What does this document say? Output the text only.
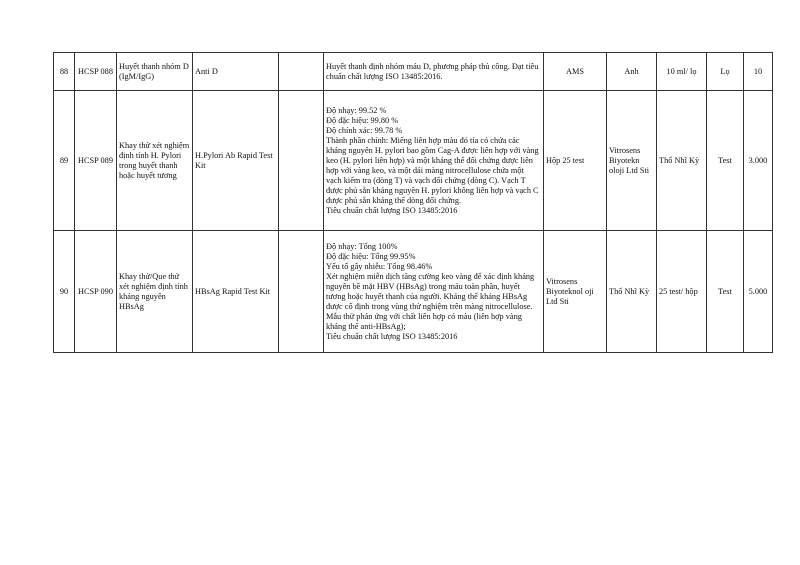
88	HCSP 088	Huyết thanh nhóm D (IgM/IgG)	Anti D		Huyết thanh định nhóm máu D, phương pháp thủ công. Đạt tiêu chuẩn chất lượng ISO 13485:2016.	AMS	Anh	10 ml/ lọ	Lọ	10
89	HCSP 089	Khay thử xét nghiệm định tính H. Pylori trong huyết thanh hoặc huyết tương	H.Pylori Ab Rapid Test Kit		Độ nhạy: 99.52 %
Độ đặc hiệu: 99.80 %
Độ chính xác: 99.78 %
Thành phần chính: Miếng liên hợp màu đỏ tía có chứa các kháng nguyên H. pylori bao gồm Cag-A được liên hợp với vàng keo (H. pylori liên hợp) và một kháng thể đối chứng được liên hợp với vàng keo, và một dải màng nitrocellulose chứa một vạch kiểm tra (dòng T) và vạch đối chứng (dòng C). Vạch T được phủ sẵn kháng nguyên H. pylori không liên hợp và vạch C được phủ sẵn kháng thể dòng đối chứng.
Tiêu chuẩn chất lượng ISO 13485:2016	Hộp 25 test	Vitrosens Biyotekn oloji Ltd Sti	Thổ Nhĩ Kỳ	Test	3.000
90	HCSP 090	Khay thử/Que thử xét nghiệm định tính kháng nguyên HBsAg	HBsAg Rapid Test Kit		Độ nhạy: Tổng 100%
Độ đặc hiệu: Tổng 99.95%
Yếu tố gây nhiễu: Tổng 98.46%
Xét nghiệm miễn dịch tăng cường keo vàng để xác định kháng nguyên bề mặt HBV (HBsAg) trong máu toàn phần, huyết tương hoặc huyết thanh của người. Kháng thể kháng HBsAg được cố định trong vùng thử nghiệm trên màng nitrocellulose. Mẫu thử phản ứng với chất liên hợp có màu (liên hợp vàng kháng thể anti-HBsAg);
Tiêu chuẩn chất lượng ISO 13485:2016	Vitrosens Biyoteknol oji Ltd Sti	Thổ Nhĩ Kỳ	25 test/ hộp	Test	5.000
